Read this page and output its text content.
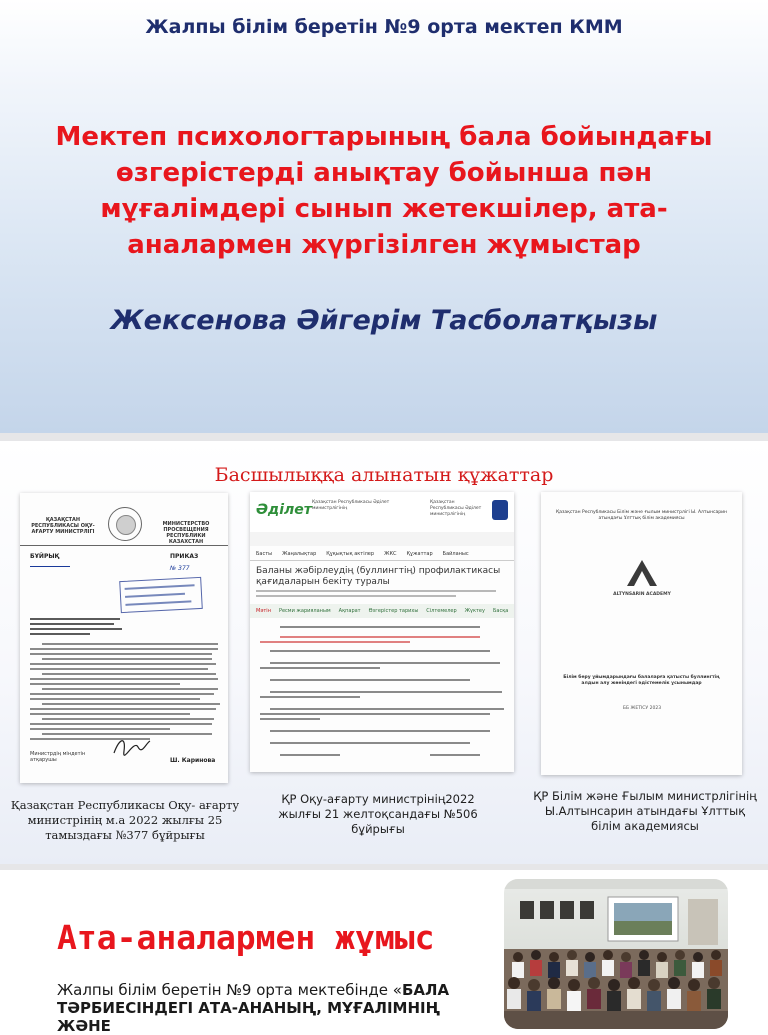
Жалпы білім беретін №9 орта мектеп КММ
Мектеп психологтарының бала бойындағы өзгерістерді анықтау бойынша пән мұғалімдері сынып жетекшілер, ата-аналармен жүргізілген жұмыстар
Жексенова Әйгерім Тасболатқызы
Басшылыққа алынатын құжаттар
ҚАЗАҚСТАН РЕСПУБЛИКАСЫ ОҚУ-АҒАРТУ МИНИСТРЛІГІ
МИНИСТЕРСТВО ПРОСВЕЩЕНИЯ РЕСПУБЛИКИ КАЗАХСТАН
БҰЙРЫҚ	ПРИКАЗ
№ 377
Министрдің міндетін атқарушы	Ш. Каринова
Әділет Қазақстан Республикасы Әділет министрлігінің
Қазақстан Республикасы Әділет министрлігінің
Басты Жаңалықтар Құқықтық актілер ЖКС Құжаттар Байланыс
Баланы жәбірлеудің (буллингтің) профилактикасы қағидаларын бекіту туралы
Мәтін Ресми жарияланым Ақпарат Өзгерістер тарихы Сілтемелер Жүктеу Басқа
Қазақстан Республикасы Білім және ғылым министрлігі Ы. Алтынсарин атындағы Ұлттық білім академиясы
ALTYNSARIN ACADEMY
Білім беру ұйымдарындағы балаларға қатысты буллингтің алдын алу жөніндегі әдістемелік ұсынымдар
ББ ЖЕТІСУ 2023
Қазақстан Республикасы Оқу- ағарту министрінің м.а 2022 жылғы 25 тамыздағы №377 бұйрығы
ҚР Оқу-ағарту министрінің2022 жылғы 21 желтоқсандағы №506 бұйрығы
ҚР Білім және Ғылым министрлігінің Ы.Алтынсарин атындағы Ұлттық білім академиясы
Ата-аналармен жұмыс
Жалпы білім беретін №9 орта мектебінде «БАЛА ТӘРБИЕСІНДЕГІ АТА-АНАНЫҢ, МҰҒАЛІМНІҢ ЖӘНЕ
